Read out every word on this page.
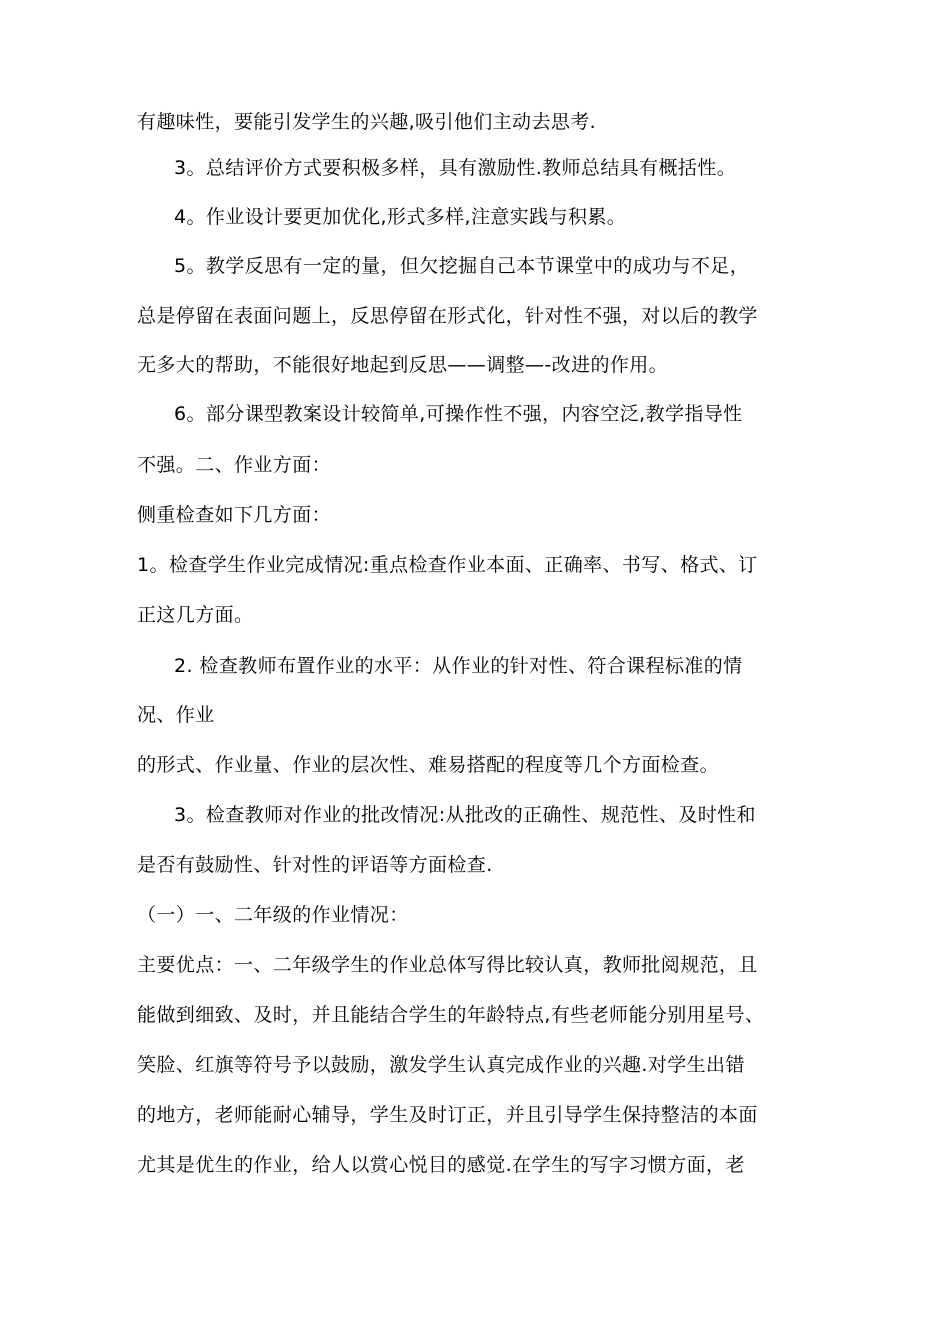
有趣味性，要能引发学生的兴趣,吸引他们主动去思考.
3。总结评价方式要积极多样，具有激励性.教师总结具有概括性。
4。作业设计要更加优化,形式多样,注意实践与积累。
5。教学反思有一定的量，但欠挖掘自己本节课堂中的成功与不足，
总是停留在表面问题上，反思停留在形式化，针对性不强，对以后的教学
无多大的帮助，不能很好地起到反思——调整—-改进的作用。
6。部分课型教案设计较简单,可操作性不强，内容空泛,教学指导性
不强。二、作业方面：
侧重检查如下几方面：
1。检查学生作业完成情况:重点检查作业本面、正确率、书写、格式、订
正这几方面。
2. 检查教师布置作业的水平：从作业的针对性、符合课程标准的情
况、作业
的形式、作业量、作业的层次性、难易搭配的程度等几个方面检查。
3。检查教师对作业的批改情况:从批改的正确性、规范性、及时性和
是否有鼓励性、针对性的评语等方面检查.
（一）一、二年级的作业情况：
主要优点：一、二年级学生的作业总体写得比较认真，教师批阅规范，且
能做到细致、及时，并且能结合学生的年龄特点,有些老师能分别用星号、
笑脸、红旗等符号予以鼓励，激发学生认真完成作业的兴趣.对学生出错
的地方，老师能耐心辅导，学生及时订正，并且引导学生保持整洁的本面
尤其是优生的作业，给人以赏心悦目的感觉.在学生的写字习惯方面，老
